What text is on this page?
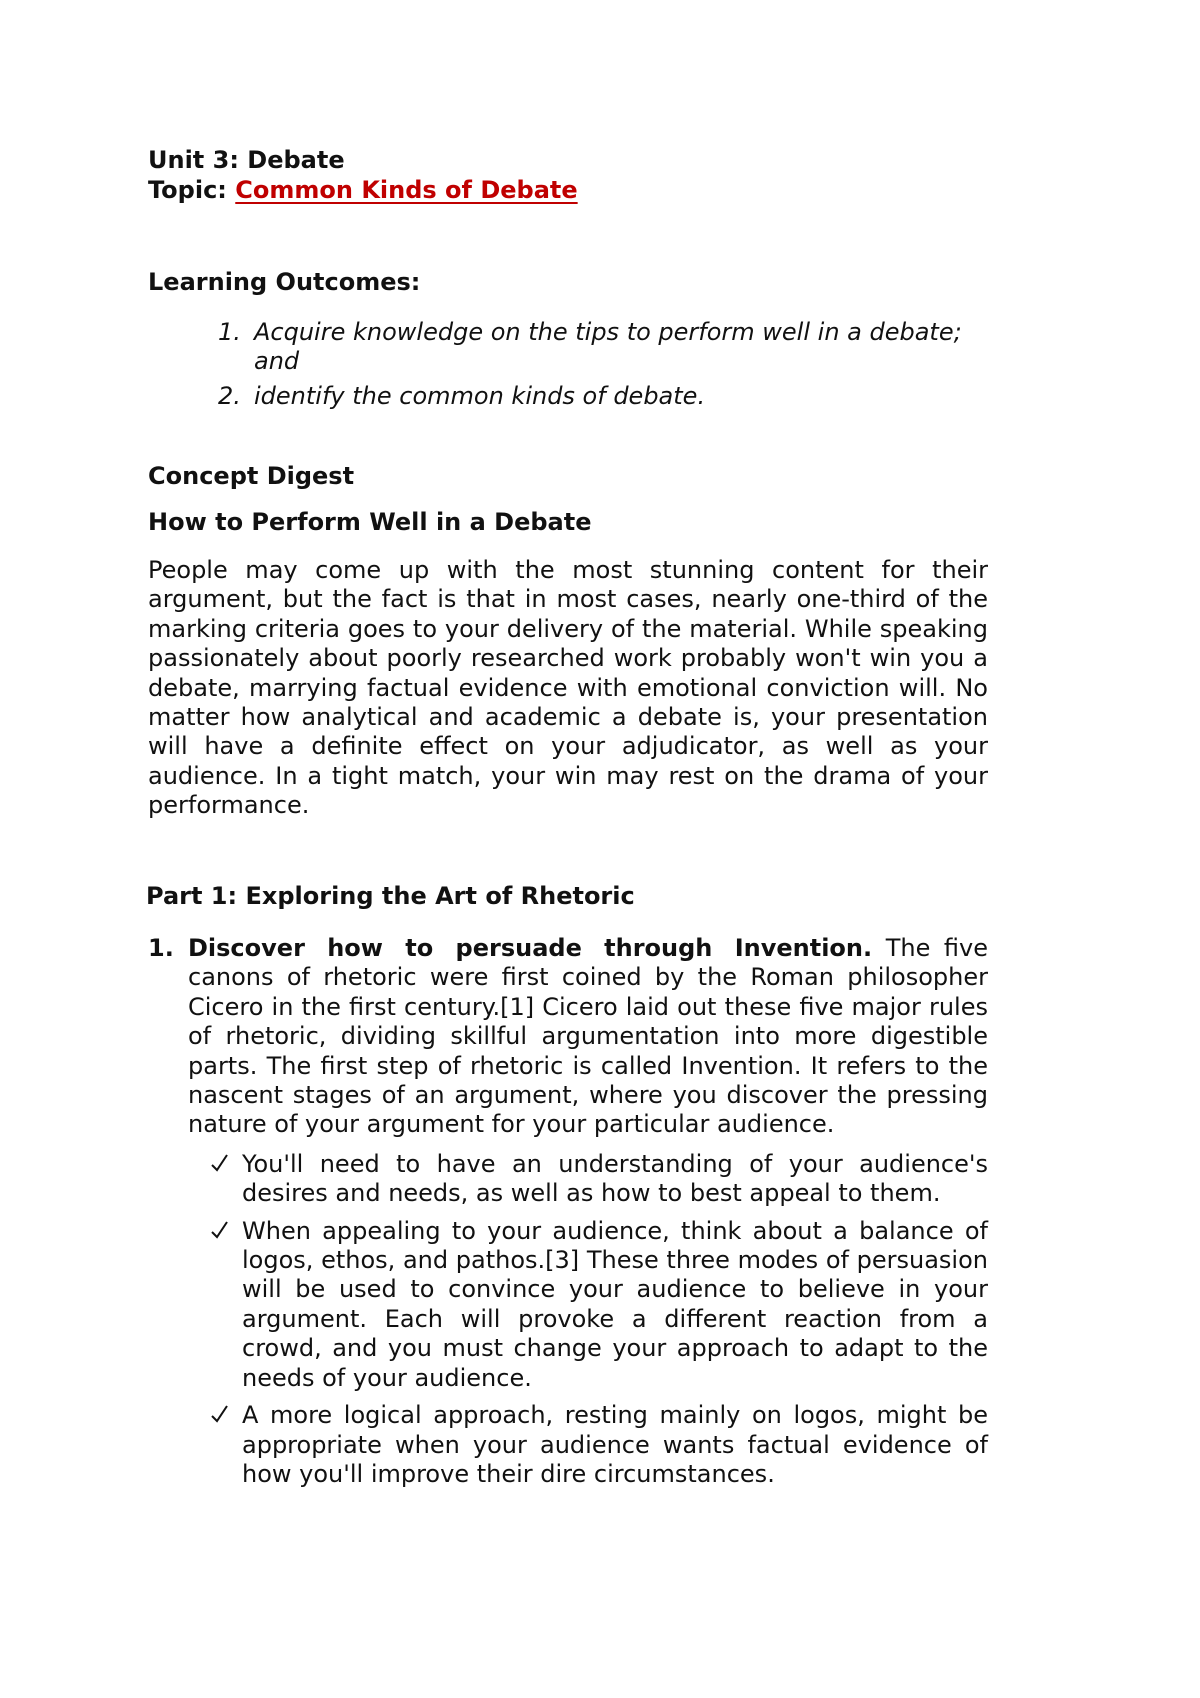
Unit 3: Debate
Topic: Common Kinds of Debate
Learning Outcomes:
1. Acquire knowledge on the tips to perform well in a debate; and
2. identify the common kinds of debate.
Concept Digest
How to Perform Well in a Debate

People may come up with the most stunning content for their argument, but the fact is that in most cases, nearly one-third of the marking criteria goes to your delivery of the material. While speaking passionately about poorly researched work probably won't win you a debate, marrying factual evidence with emotional conviction will. No matter how analytical and academic a debate is, your presentation will have a definite effect on your adjudicator, as well as your audience. In a tight match, your win may rest on the drama of your performance.

Part 1: Exploring the Art of Rhetoric
1. Discover how to persuade through Invention. The five canons of rhetoric were first coined by the Roman philosopher Cicero in the first century.[1] Cicero laid out these five major rules of rhetoric, dividing skillful argumentation into more digestible parts. The first step of rhetoric is called Invention. It refers to the nascent stages of an argument, where you discover the pressing nature of your argument for your particular audience.

You'll need to have an understanding of your audience's desires and needs, as well as how to best appeal to them.

When appealing to your audience, think about a balance of logos, ethos, and pathos.[3] These three modes of persuasion will be used to convince your audience to believe in your argument. Each will provoke a different reaction from a crowd, and you must change your approach to adapt to the needs of your audience.

A more logical approach, resting mainly on logos, might be appropriate when your audience wants factual evidence of how you'll improve their dire circumstances.
